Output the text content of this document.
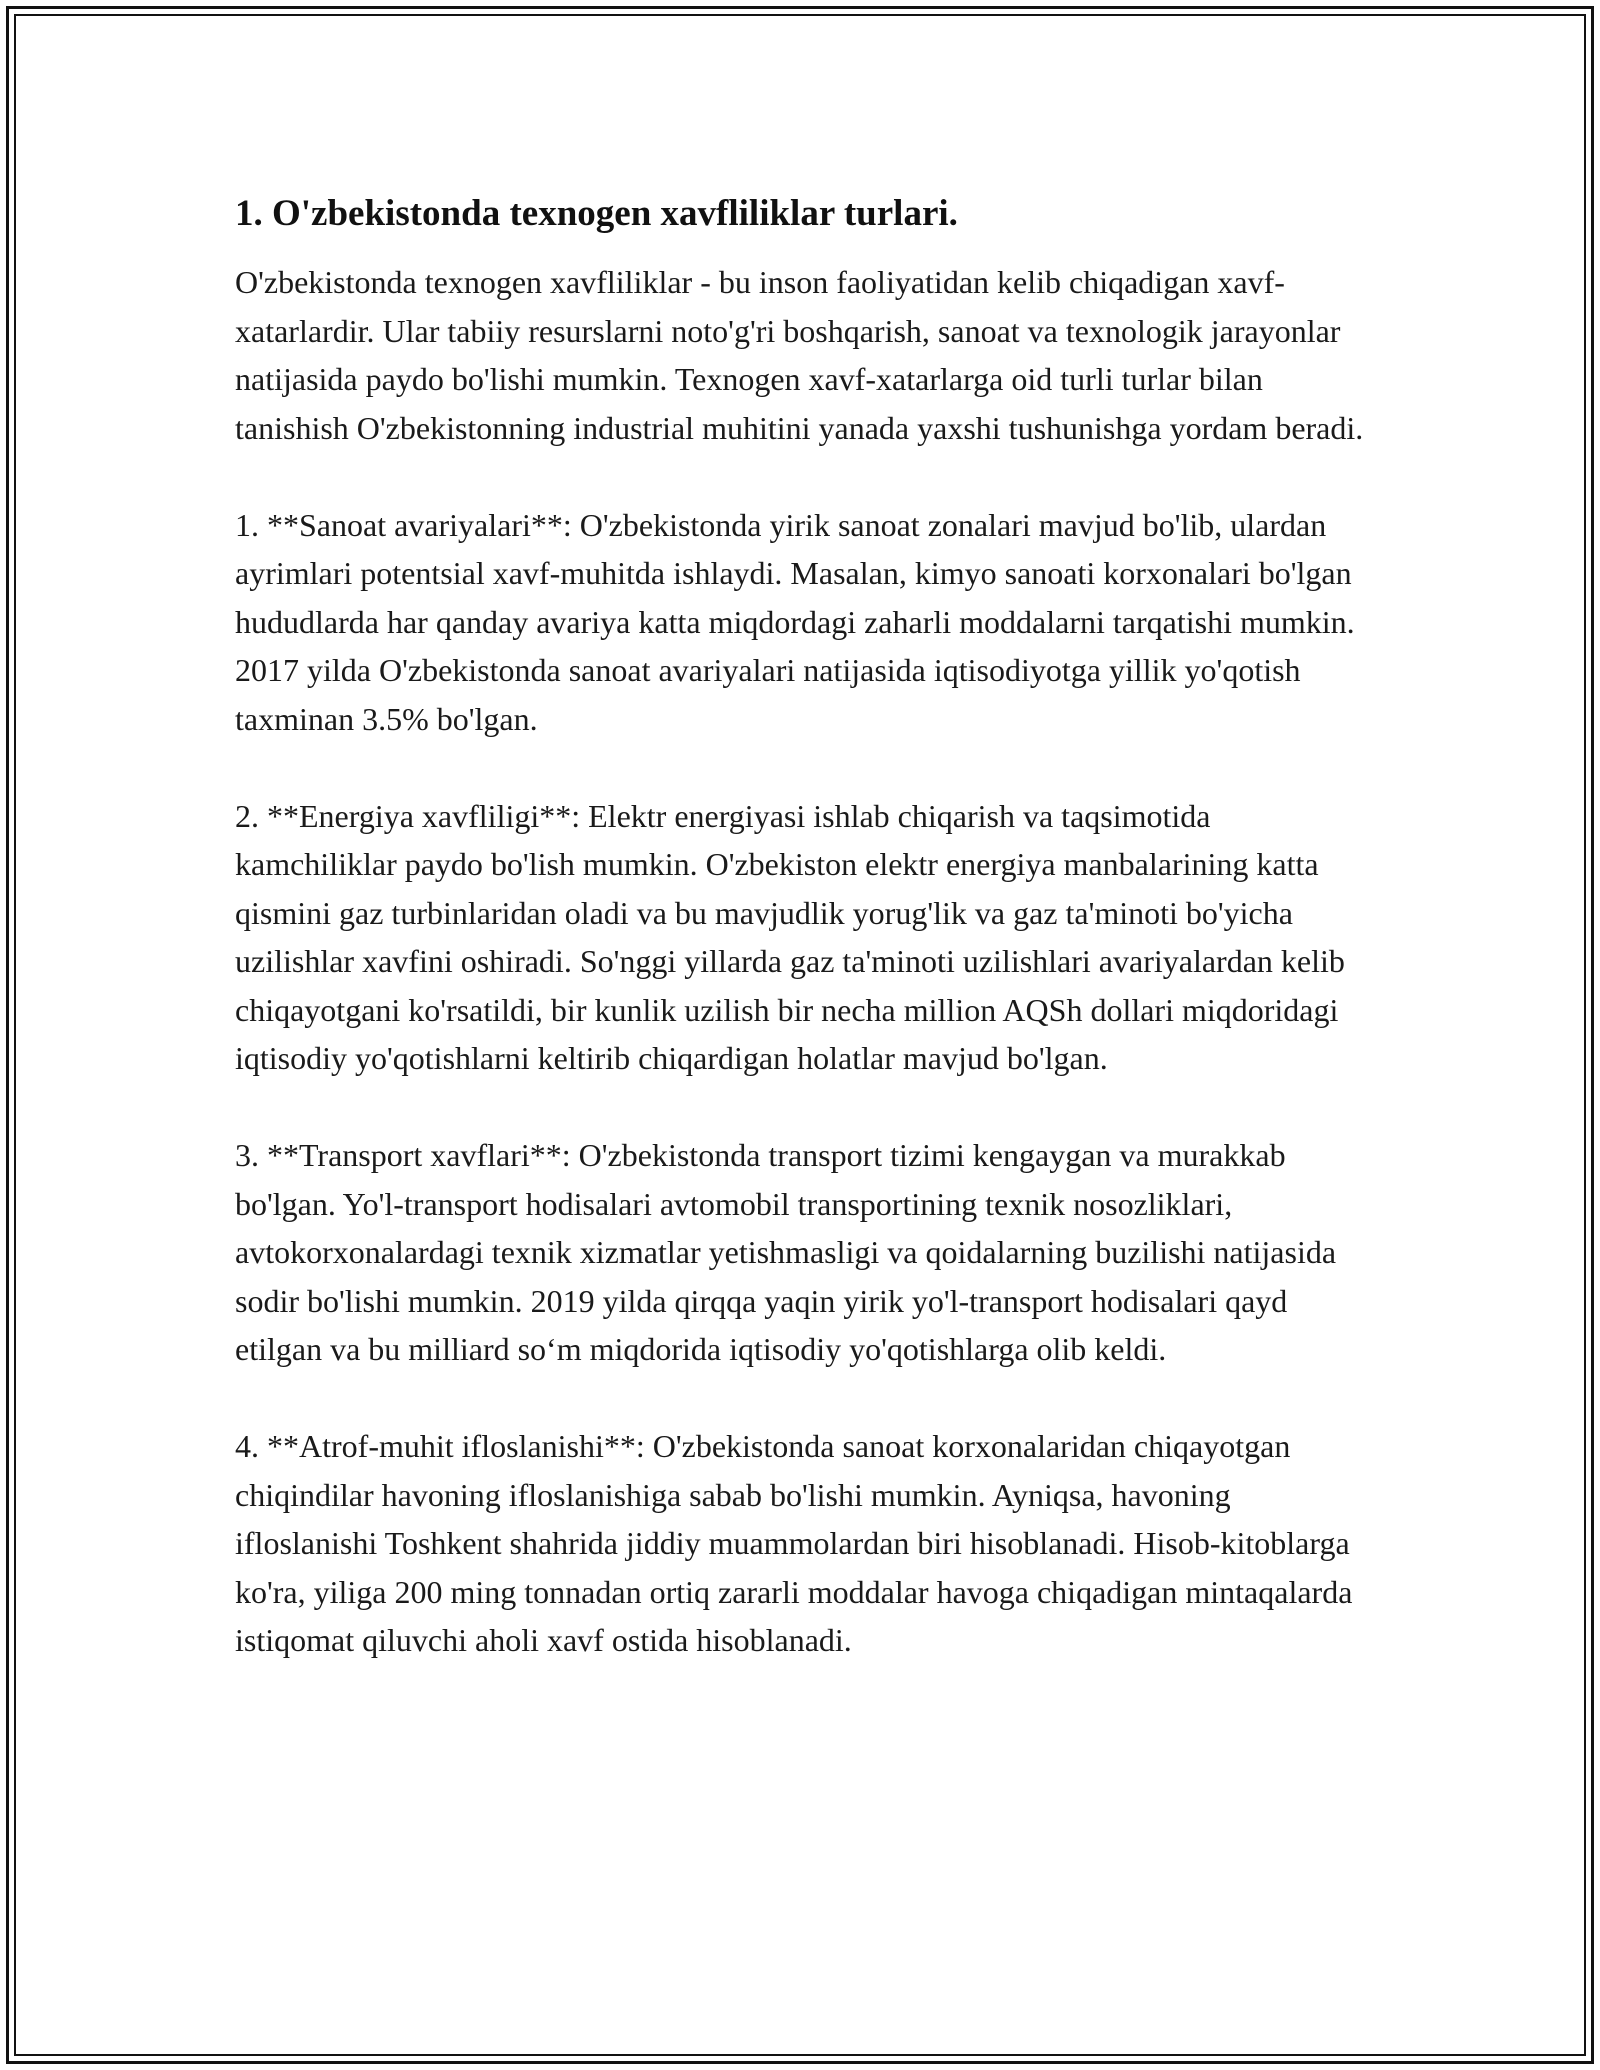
1. O'zbekistonda texnogen xavfliliklar turlari.

O'zbekistonda texnogen xavfliliklar - bu inson faoliyatidan kelib chiqadigan xavf-xatarlardir. Ular tabiiy resurslarni noto'g'ri boshqarish, sanoat va texnologik jarayonlar natijasida paydo bo'lishi mumkin. Texnogen xavf-xatarlarga oid turli turlar bilan tanishish O'zbekistonning industrial muhitini yanada yaxshi tushunishga yordam beradi.

1. **Sanoat avariyalari**: O'zbekistonda yirik sanoat zonalari mavjud bo'lib, ulardan ayrimlari potentsial xavf-muhitda ishlaydi. Masalan, kimyo sanoati korxonalari bo'lgan hududlarda har qanday avariya katta miqdordagi zaharli moddalarni tarqatishi mumkin. 2017 yilda O'zbekistonda sanoat avariyalari natijasida iqtisodiyotga yillik yo'qotish taxminan 3.5% bo'lgan.

2. **Energiya xavfliligi**: Elektr energiyasi ishlab chiqarish va taqsimotida kamchiliklar paydo bo'lish mumkin. O'zbekiston elektr energiya manbalarining katta qismini gaz turbinlaridan oladi va bu mavjudlik yorug'lik va gaz ta'minoti bo'yicha uzilishlar xavfini oshiradi. So'nggi yillarda gaz ta'minoti uzilishlari avariyalardan kelib chiqayotgani ko'rsatildi, bir kunlik uzilish bir necha million AQSh dollari miqdoridagi iqtisodiy yo'qotishlarni keltirib chiqardigan holatlar mavjud bo'lgan.

3. **Transport xavflari**: O'zbekistonda transport tizimi kengaygan va murakkab bo'lgan. Yo'l-transport hodisalari avtomobil transportining texnik nosozliklari, avtokorxonalardagi texnik xizmatlar yetishmasligi va qoidalarning buzilishi natijasida sodir bo'lishi mumkin. 2019 yilda qirqqa yaqin yirik yo'l-transport hodisalari qayd etilgan va bu milliard so‘m miqdorida iqtisodiy yo'qotishlarga olib keldi.

4. **Atrof-muhit ifloslanishi**: O'zbekistonda sanoat korxonalaridan chiqayotgan chiqindilar havoning ifloslanishiga sabab bo'lishi mumkin. Ayniqsa, havoning ifloslanishi Toshkent shahrida jiddiy muammolardan biri hisoblanadi. Hisob-kitoblarga ko'ra, yiliga 200 ming tonnadan ortiq zararli moddalar havoga chiqadigan mintaqalarda istiqomat qiluvchi aholi xavf ostida hisoblanadi.
